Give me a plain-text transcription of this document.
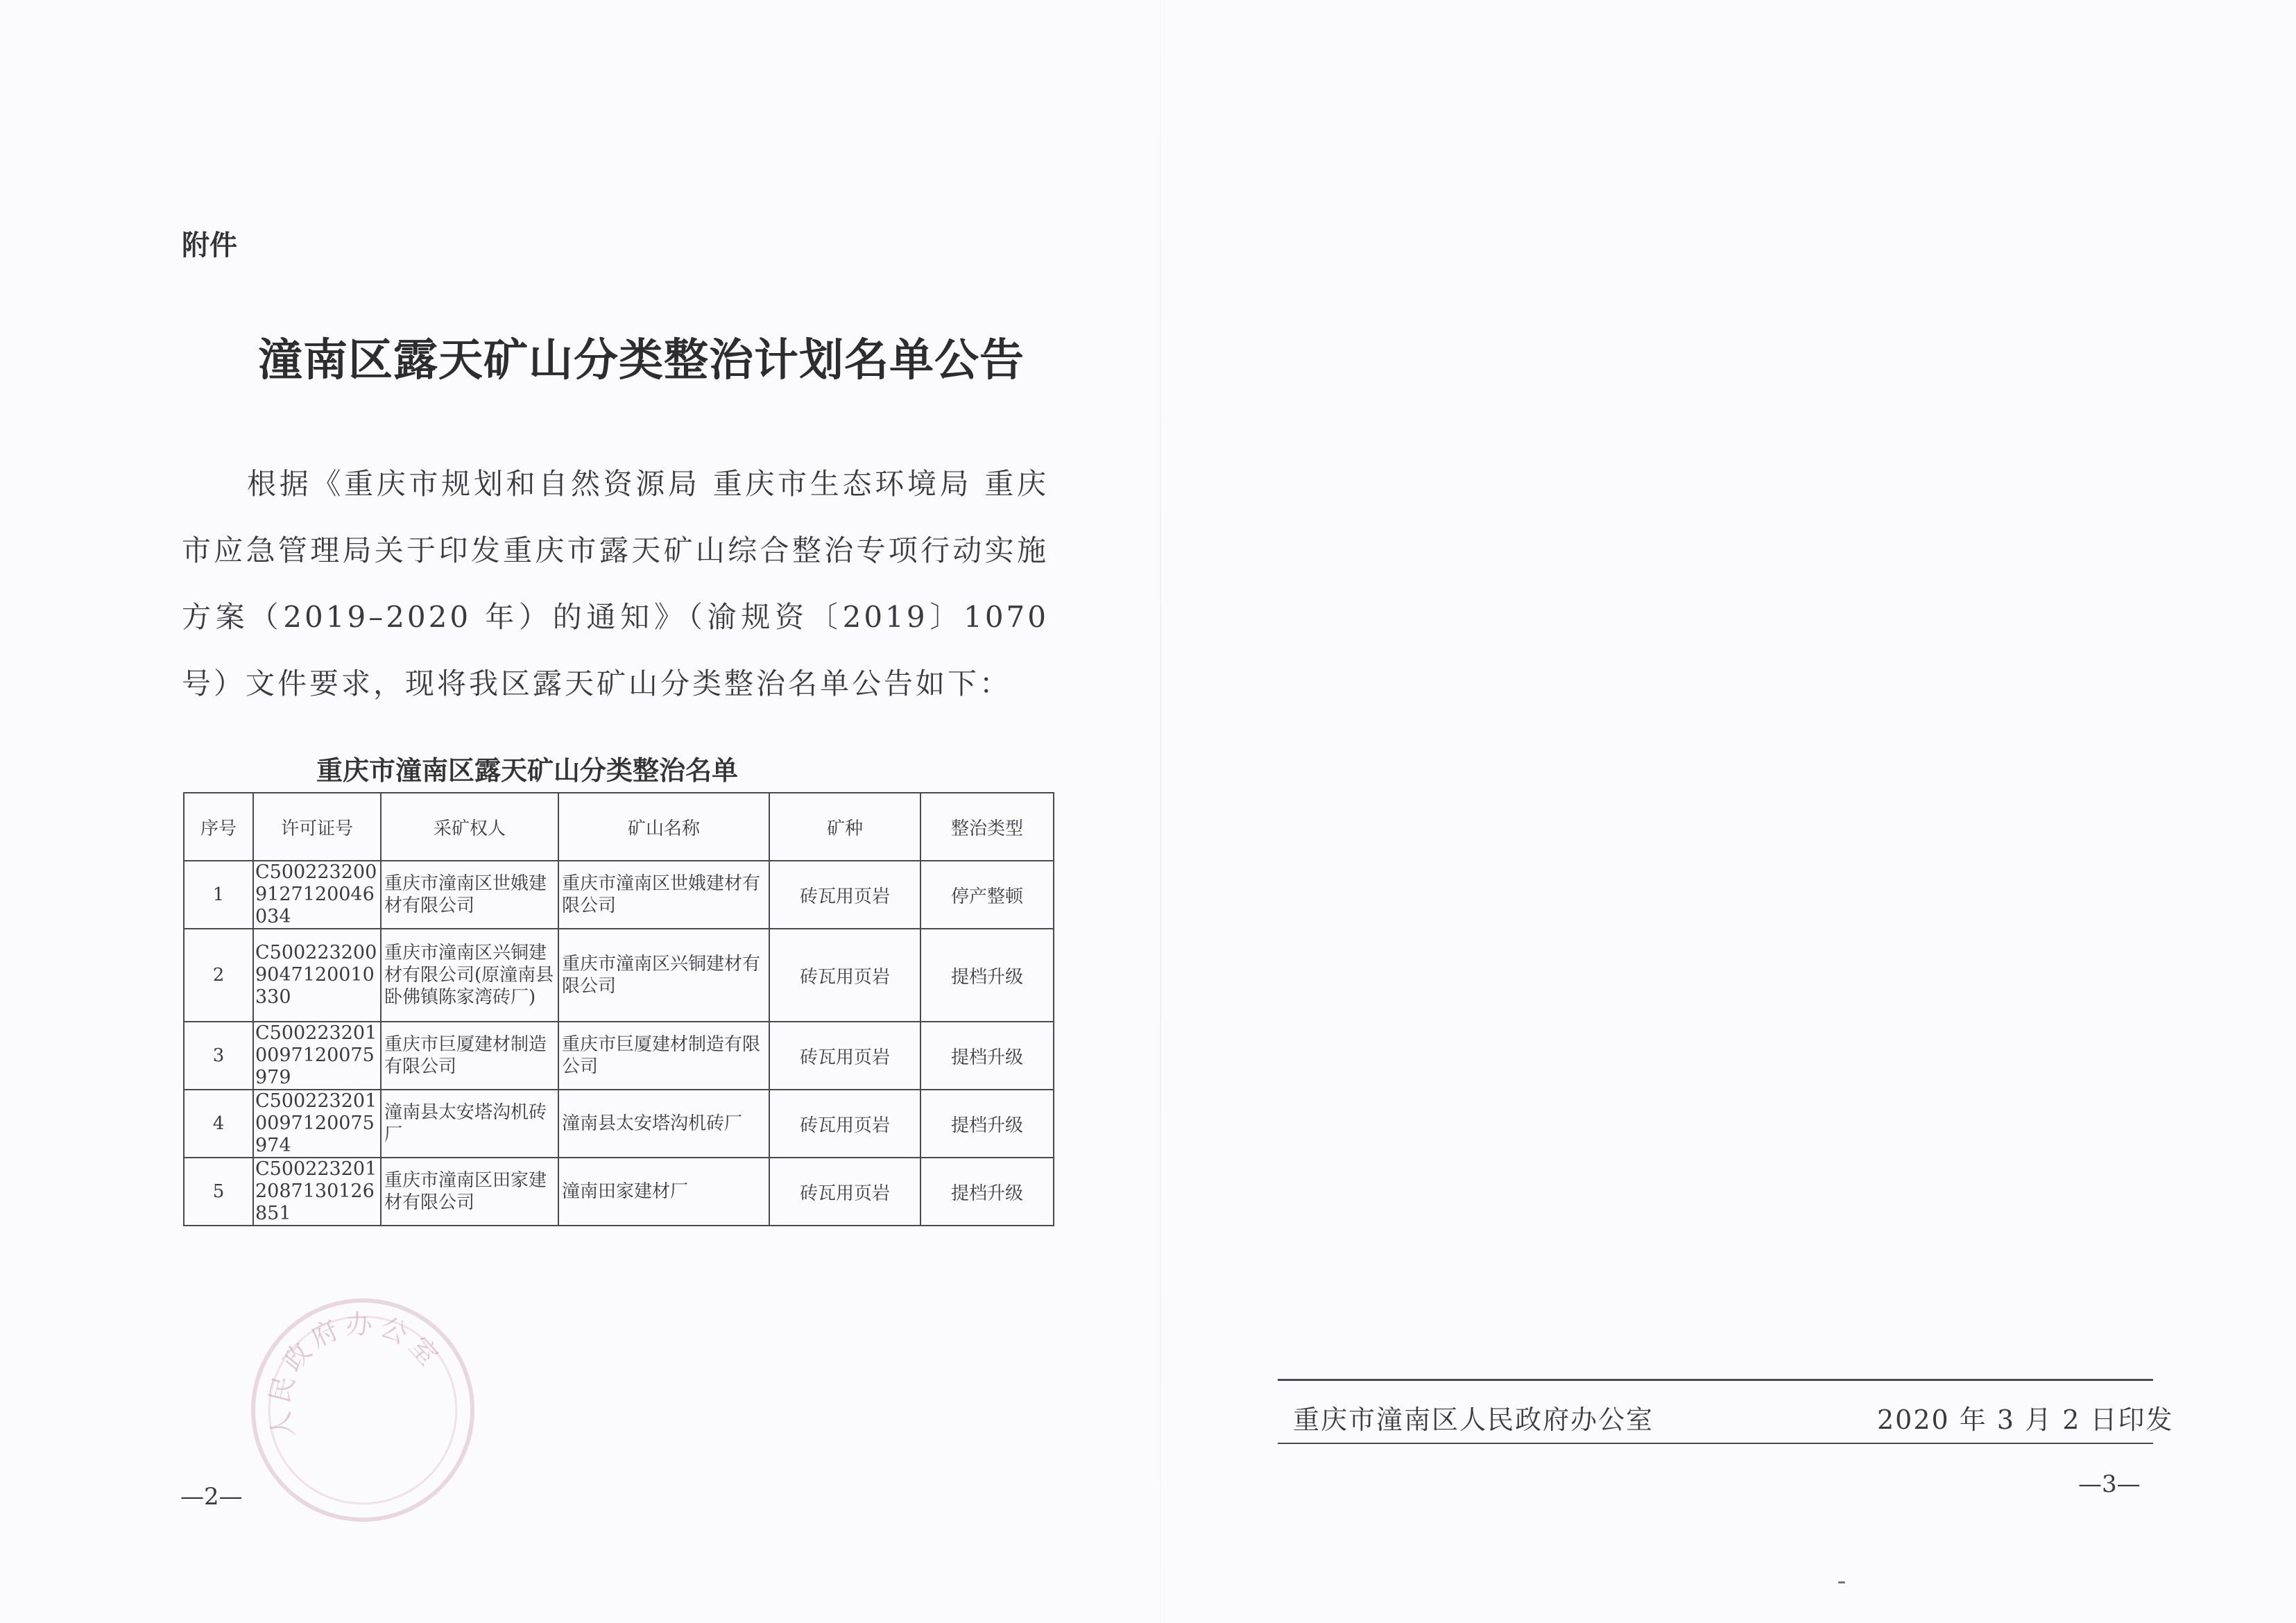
附件
潼南区露天矿山分类整治计划名单公告
根据《重庆市规划和自然资源局 重庆市生态环境局 重庆市应急管理局关于印发重庆市露天矿山综合整治专项行动实施方案（2019–2020 年）的通知》（渝规资〔2019〕1070 号）文件要求，现将我区露天矿山分类整治名单公告如下：
重庆市潼南区露天矿山分类整治名单
序号	许可证号	采矿权人	矿山名称	矿种	整治类型
1	C5002232009127120046034	重庆市潼南区世娥建材有限公司	重庆市潼南区世娥建材有限公司	砖瓦用页岩	停产整顿
2	C5002232009047120010330	重庆市潼南区兴铜建材有限公司(原潼南县卧佛镇陈家湾砖厂)	重庆市潼南区兴铜建材有限公司	砖瓦用页岩	提档升级
3	C5002232010097120075979	重庆市巨厦建材制造有限公司	重庆市巨厦建材制造有限公司	砖瓦用页岩	提档升级
4	C5002232010097120075974	潼南县太安塔沟机砖厂	潼南县太安塔沟机砖厂	砖瓦用页岩	提档升级
5	C5002232012087130126851	重庆市潼南区田家建材有限公司	潼南田家建材厂	砖瓦用页岩	提档升级
人民政府办公室
—2—
重庆市潼南区人民政府办公室	2020 年 3 月 2 日印发
—3—
